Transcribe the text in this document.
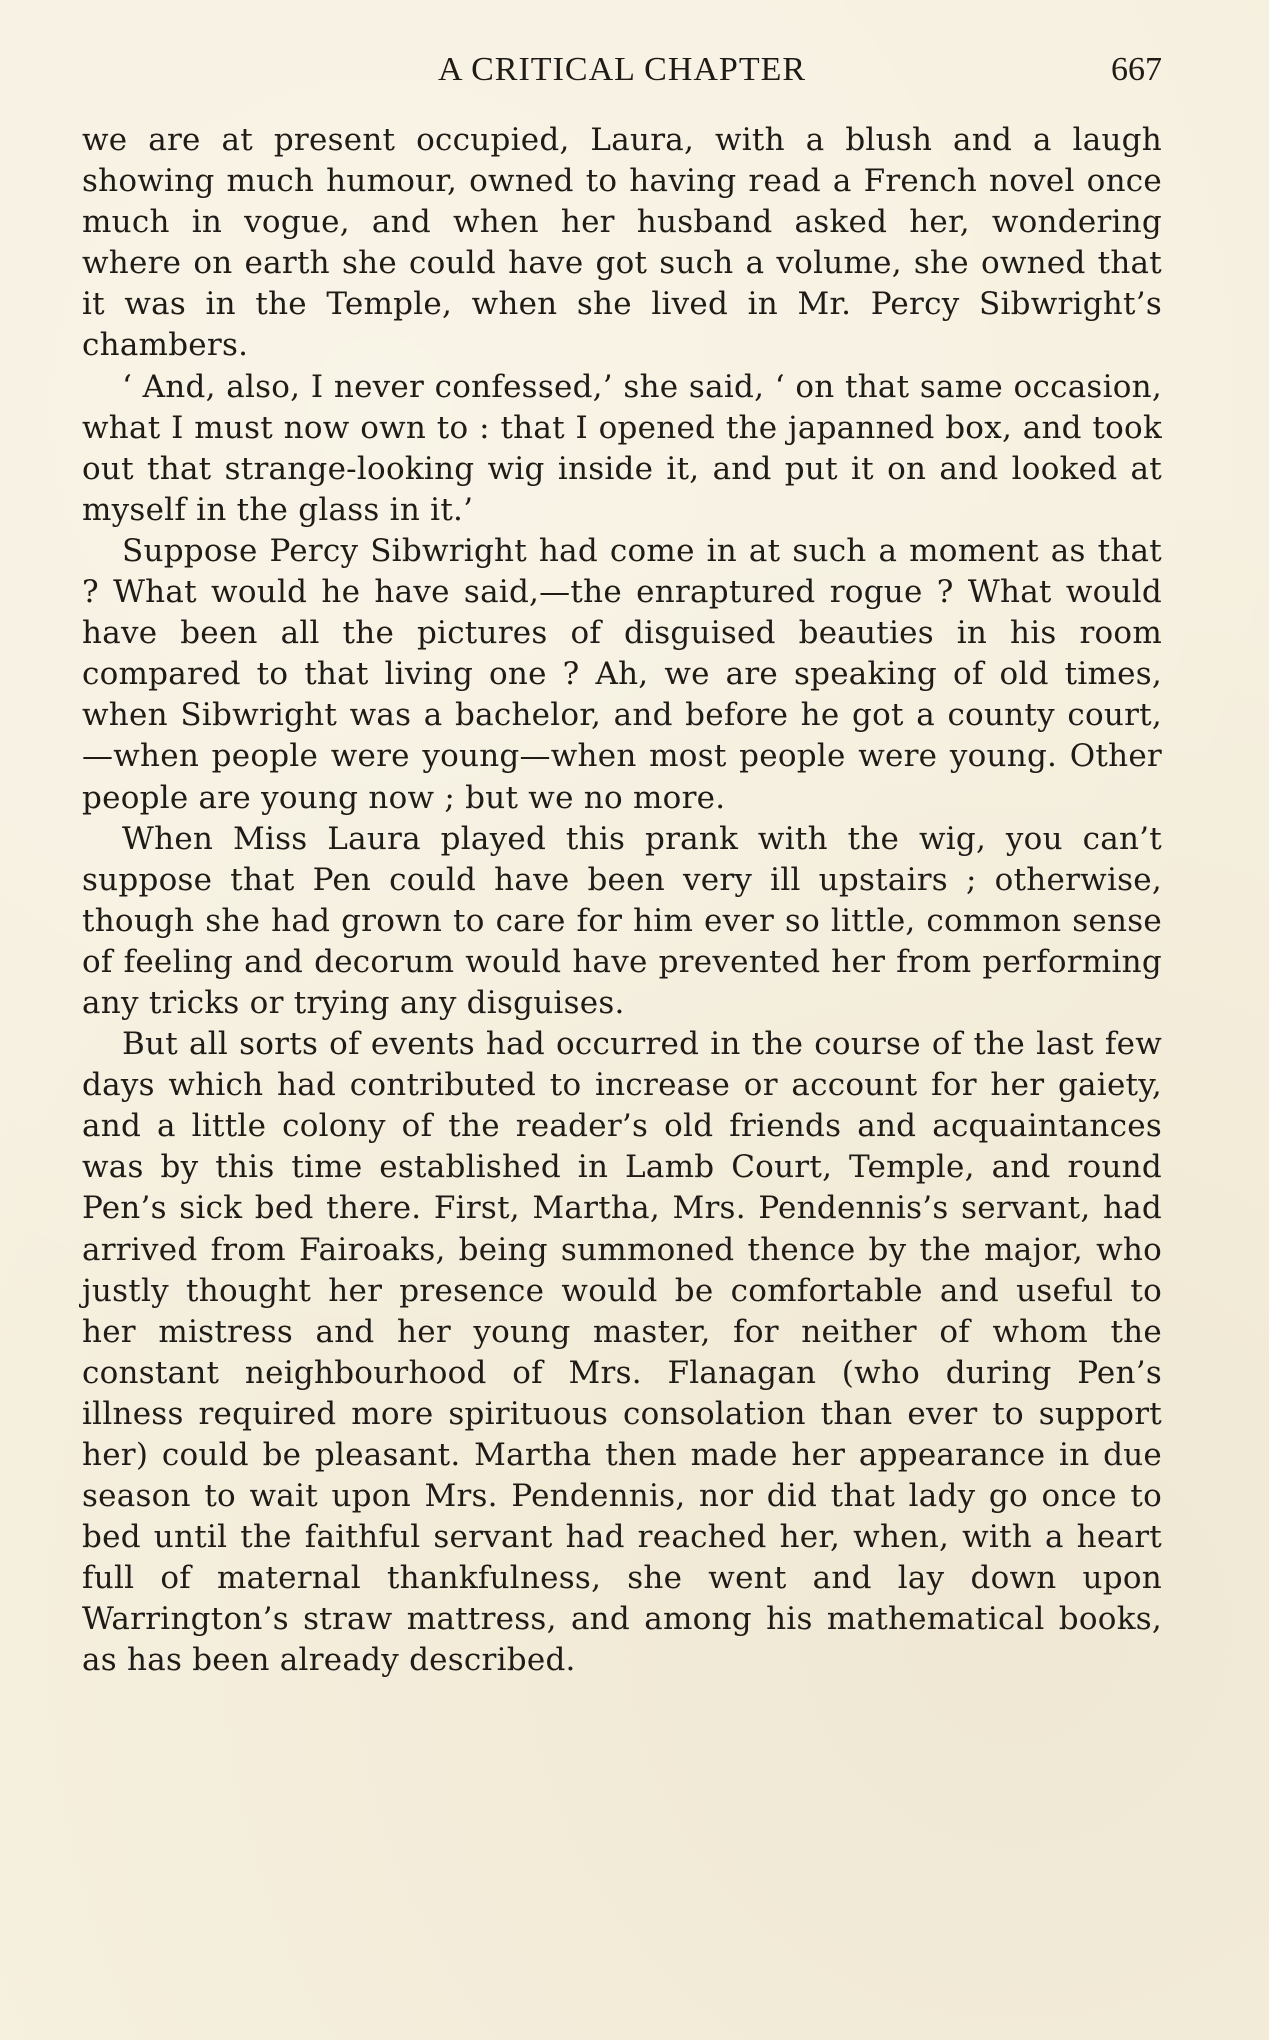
A CRITICAL CHAPTER	667

we are at present occupied, Laura, with a blush and a laugh showing much humour, owned to having read a French novel once much in vogue, and when her husband asked her, wondering where on earth she could have got such a volume, she owned that it was in the Temple, when she lived in Mr. Percy Sibwright’s chambers.

‘ And, also, I never confessed,’ she said, ‘ on that same occasion, what I must now own to : that I opened the japanned box, and took out that strange-looking wig inside it, and put it on and looked at myself in the glass in it.’

Suppose Percy Sibwright had come in at such a moment as that ? What would he have said,—the enraptured rogue ? What would have been all the pictures of disguised beauties in his room compared to that living one ? Ah, we are speaking of old times, when Sibwright was a bachelor, and before he got a county court,—when people were young—when most people were young. Other people are young now ; but we no more.

When Miss Laura played this prank with the wig, you can’t suppose that Pen could have been very ill upstairs ; otherwise, though she had grown to care for him ever so little, common sense of feeling and decorum would have prevented her from performing any tricks or trying any disguises.

But all sorts of events had occurred in the course of the last few days which had contributed to increase or account for her gaiety, and a little colony of the reader’s old friends and acquaintances was by this time established in Lamb Court, Temple, and round Pen’s sick bed there. First, Martha, Mrs. Pendennis’s servant, had arrived from Fairoaks, being summoned thence by the major, who justly thought her presence would be comfortable and useful to her mistress and her young master, for neither of whom the constant neighbourhood of Mrs. Flanagan (who during Pen’s illness required more spirituous consolation than ever to support her) could be pleasant. Martha then made her appearance in due season to wait upon Mrs. Pendennis, nor did that lady go once to bed until the faithful servant had reached her, when, with a heart full of maternal thankfulness, she went and lay down upon Warrington’s straw mattress, and among his mathematical books, as has been already described.
